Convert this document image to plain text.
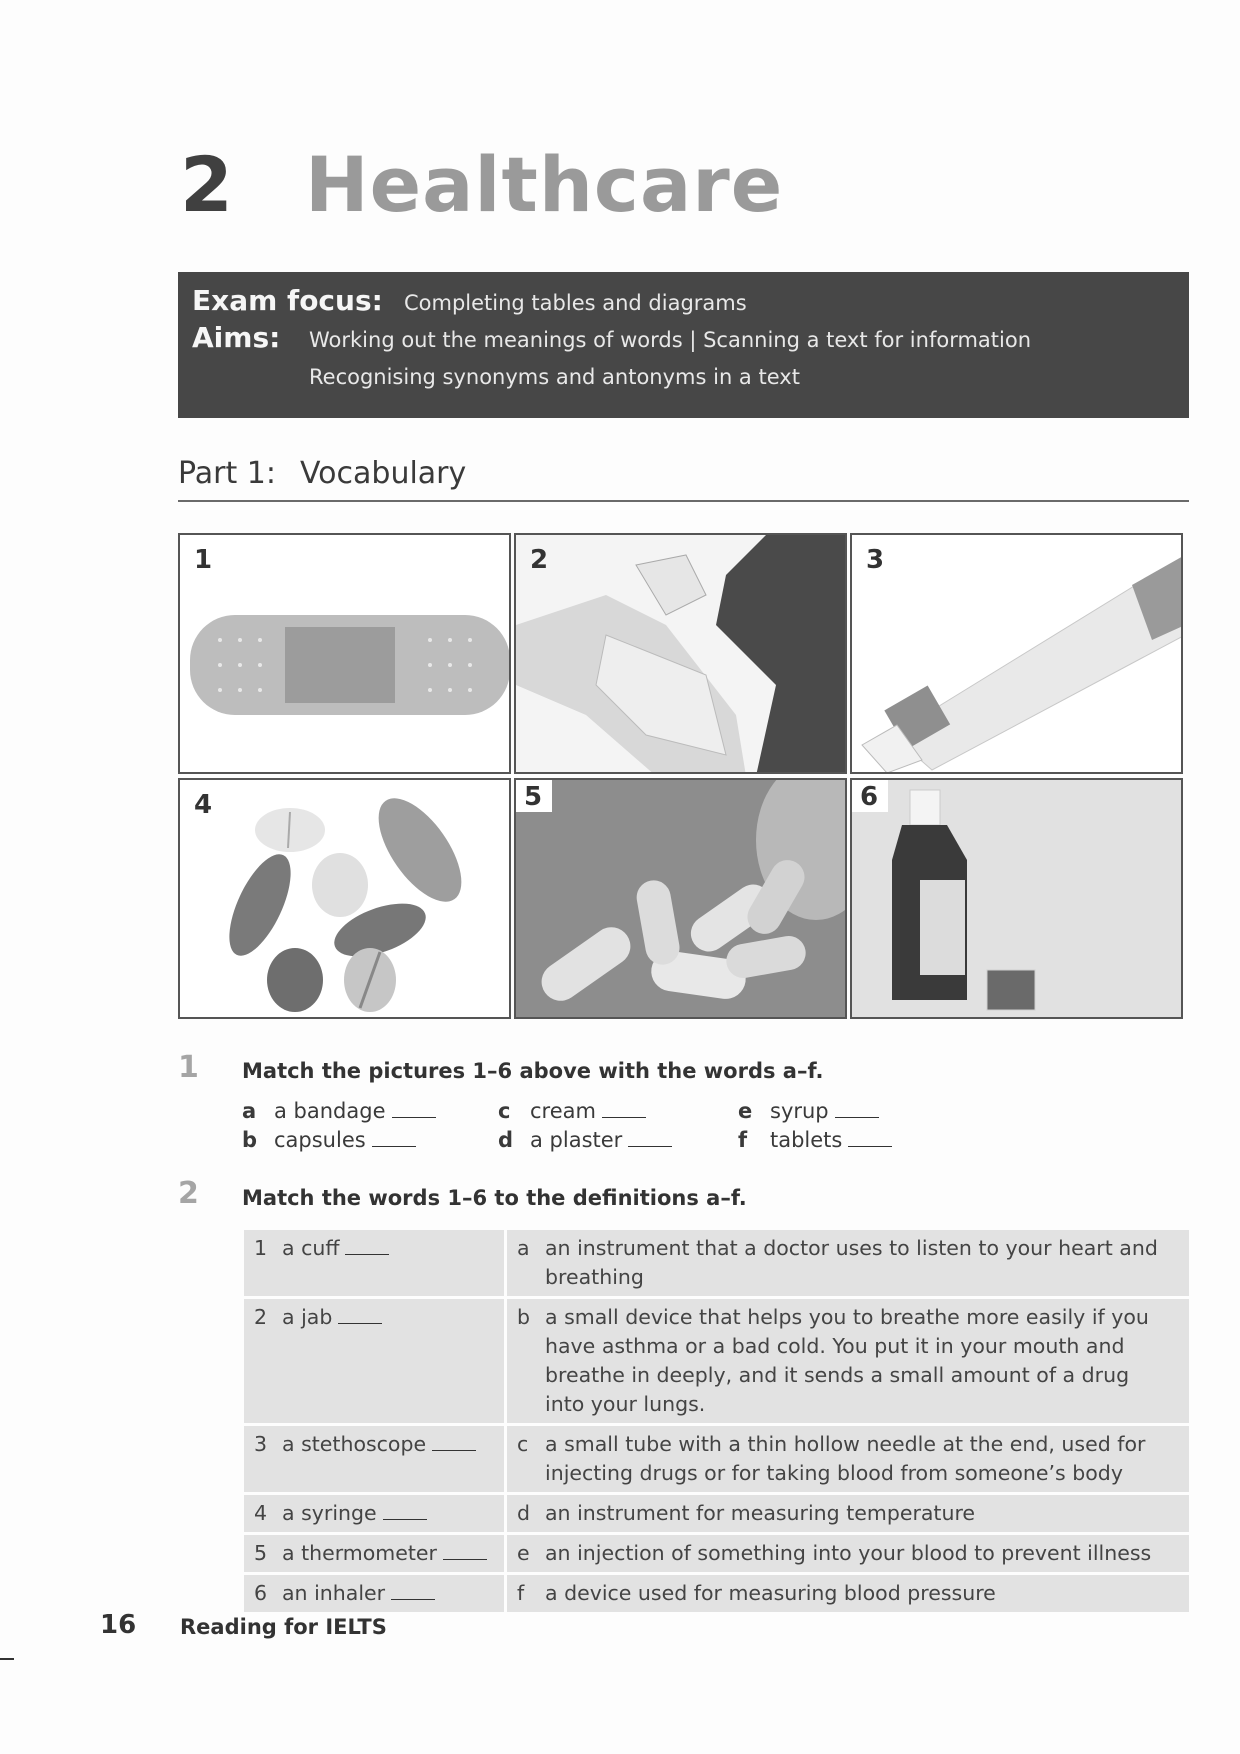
2 Healthcare
Exam focus: Completing tables and diagrams
Aims: Working out the meanings of words | Scanning a text for information
Recognising synonyms and antonyms in a text
Part 1: Vocabulary
1	2	3
4	5	6
1 Match the pictures 1–6 above with the words a–f.
a a bandage
b capsules
c cream
d a plaster
e syrup
f tablets
2 Match the words 1–6 to the definitions a–f.
1 a cuff	a an instrument that a doctor uses to listen to your heart and breathing
2 a jab	b a small device that helps you to breathe more easily if you have asthma or a bad cold. You put it in your mouth and breathe in deeply, and it sends a small amount of a drug into your lungs.
3 a stethoscope	c a small tube with a thin hollow needle at the end, used for injecting drugs or for taking blood from someone’s body
4 a syringe	d an instrument for measuring temperature
5 a thermometer	e an injection of something into your blood to prevent illness
6 an inhaler	f a device used for measuring blood pressure
16 Reading for IELTS
